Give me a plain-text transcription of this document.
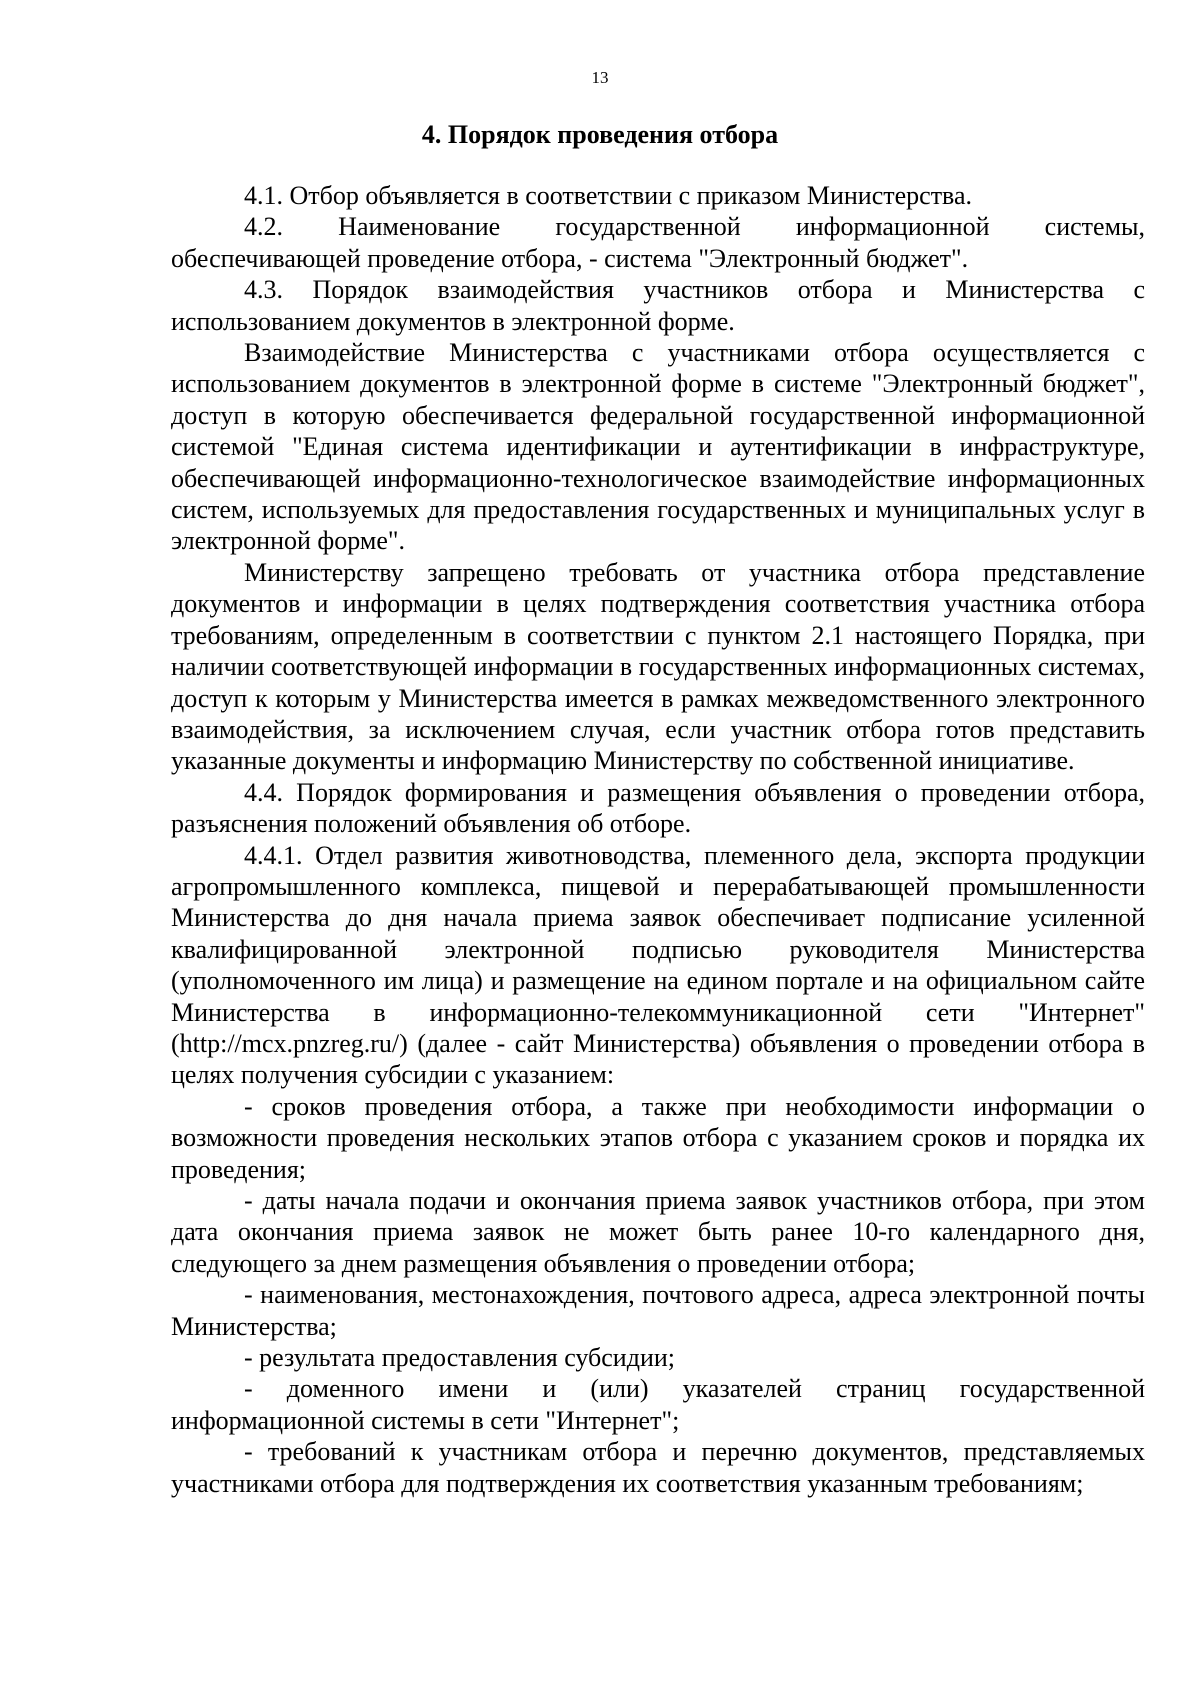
13
4. Порядок проведения отбора

4.1. Отбор объявляется в соответствии с приказом Министерства.

4.2. Наименование государственной информационной системы, обеспечивающей проведение отбора, - система "Электронный бюджет".

4.3. Порядок взаимодействия участников отбора и Министерства с использованием документов в электронной форме.

Взаимодействие Министерства с участниками отбора осуществляется с использованием документов в электронной форме в системе "Электронный бюджет", доступ в которую обеспечивается федеральной государственной информационной системой "Единая система идентификации и аутентификации в инфраструктуре, обеспечивающей информационно-технологическое взаимодействие информационных систем, используемых для предоставления государственных и муниципальных услуг в электронной форме".

Министерству запрещено требовать от участника отбора представление документов и информации в целях подтверждения соответствия участника отбора требованиям, определенным в соответствии с пунктом 2.1 настоящего Порядка, при наличии соответствующей информации в государственных информационных системах, доступ к которым у Министерства имеется в рамках межведомственного электронного взаимодействия, за исключением случая, если участник отбора готов представить указанные документы и информацию Министерству по собственной инициативе.

4.4. Порядок формирования и размещения объявления о проведении отбора, разъяснения положений объявления об отборе.

4.4.1. Отдел развития животноводства, племенного дела, экспорта продукции агропромышленного комплекса, пищевой и перерабатывающей промышленности Министерства до дня начала приема заявок обеспечивает подписание усиленной квалифицированной электронной подписью руководителя Министерства (уполномоченного им лица) и размещение на едином портале и на официальном сайте Министерства в информационно-телекоммуникационной сети "Интернет" (http://mcx.pnzreg.ru/) (далее - сайт Министерства) объявления о проведении отбора в целях получения субсидии с указанием:

- сроков проведения отбора, а также при необходимости информации о возможности проведения нескольких этапов отбора с указанием сроков и порядка их проведения;

- даты начала подачи и окончания приема заявок участников отбора, при этом дата окончания приема заявок не может быть ранее 10-го календарного дня, следующего за днем размещения объявления о проведении отбора;

- наименования, местонахождения, почтового адреса, адреса электронной почты Министерства;

- результата предоставления субсидии;

- доменного имени и (или) указателей страниц государственной информационной системы в сети "Интернет";

- требований к участникам отбора и перечню документов, представляемых участниками отбора для подтверждения их соответствия указанным требованиям;
